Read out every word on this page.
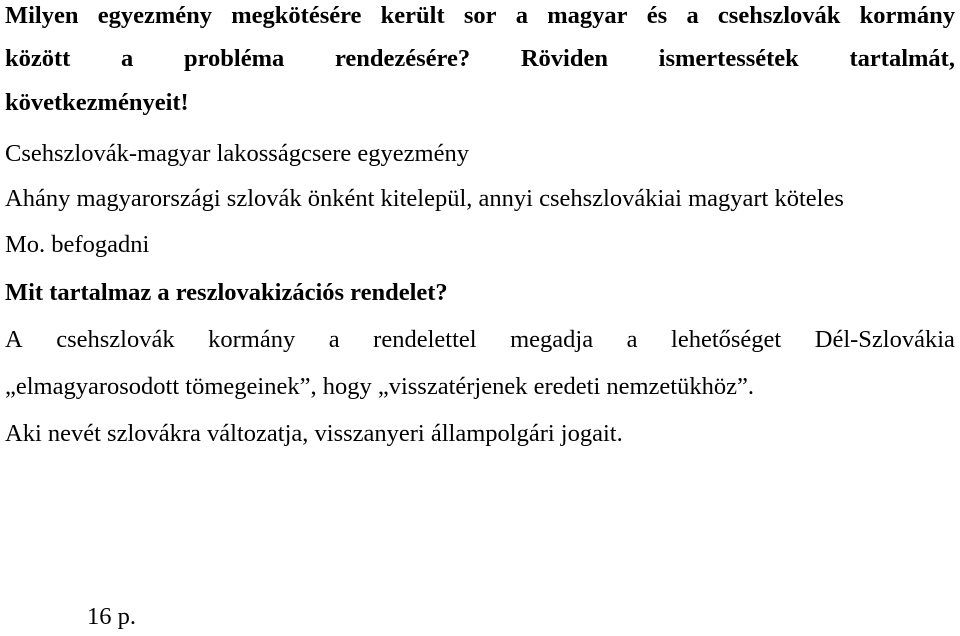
Milyen egyezmény megkötésére került sor a magyar és a csehszlovák kormány
között a probléma rendezésére? Röviden ismertessétek tartalmát,
következményeit!
Csehszlovák-magyar lakosságcsere egyezmény
Ahány magyarországi szlovák önként kitelepül, annyi csehszlovákiai magyart köteles
Mo. befogadni
Mit tartalmaz a reszlovakizációs rendelet?
A csehszlovák kormány a rendelettel megadja a lehetőséget Dél-Szlovákia
„elmagyarosodott tömegeinek”, hogy „visszatérjenek eredeti nemzetükhöz”.
Aki nevét szlovákra változatja, visszanyeri állampolgári jogait.
16 p.
